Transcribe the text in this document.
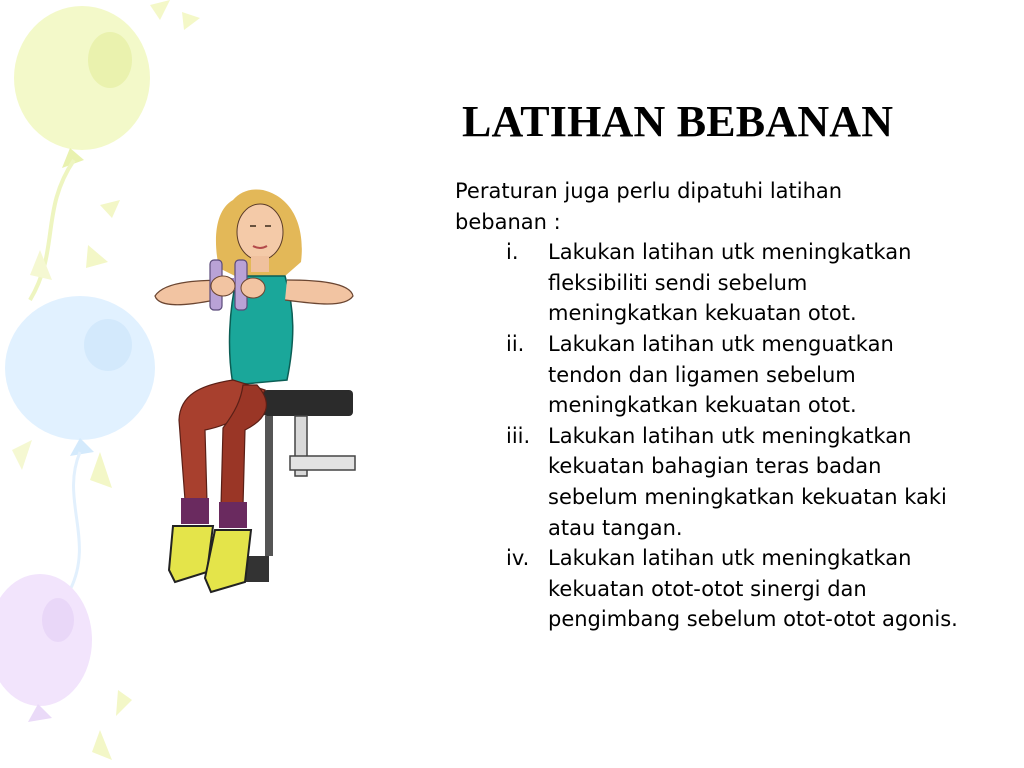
LATIHAN BEBANAN

Peraturan juga perlu dipatuhi latihan
bebanan :

i. Lakukan latihan utk meningkatkan
fleksibiliti sendi sebelum
meningkatkan kekuatan otot.
ii. Lakukan latihan utk menguatkan
tendon dan ligamen sebelum
meningkatkan kekuatan otot.
iii. Lakukan latihan utk meningkatkan
kekuatan bahagian teras badan
sebelum meningkatkan kekuatan kaki
atau tangan.
iv. Lakukan latihan utk meningkatkan
kekuatan otot-otot sinergi dan
pengimbang sebelum otot-otot agonis.
